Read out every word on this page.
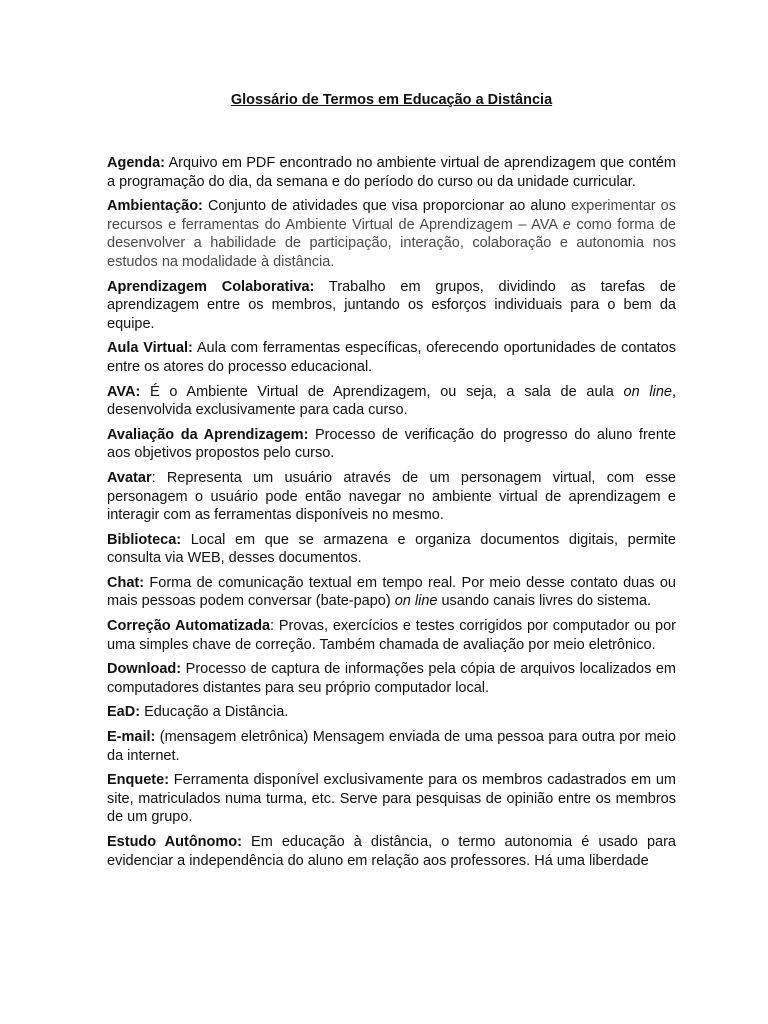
Glossário de Termos em Educação a Distância

Agenda: Arquivo em PDF encontrado no ambiente virtual de aprendizagem que contém a programação do dia, da semana e do período do curso ou da unidade curricular.

Ambientação: Conjunto de atividades que visa proporcionar ao aluno experimentar os recursos e ferramentas do Ambiente Virtual de Aprendizagem – AVA e como forma de desenvolver a habilidade de participação, interação, colaboração e autonomia nos estudos na modalidade à distância.

Aprendizagem Colaborativa: Trabalho em grupos, dividindo as tarefas de aprendizagem entre os membros, juntando os esforços individuais para o bem da equipe.

Aula Virtual: Aula com ferramentas específicas, oferecendo oportunidades de contatos entre os atores do processo educacional.

AVA: É o Ambiente Virtual de Aprendizagem, ou seja, a sala de aula on line, desenvolvida exclusivamente para cada curso.

Avaliação da Aprendizagem: Processo de verificação do progresso do aluno frente aos objetivos propostos pelo curso.

Avatar: Representa um usuário através de um personagem virtual, com esse personagem o usuário pode então navegar no ambiente virtual de aprendizagem e interagir com as ferramentas disponíveis no mesmo.

Biblioteca: Local em que se armazena e organiza documentos digitais, permite consulta via WEB, desses documentos.

Chat: Forma de comunicação textual em tempo real. Por meio desse contato duas ou mais pessoas podem conversar (bate-papo) on line usando canais livres do sistema.

Correção Automatizada: Provas, exercícios e testes corrigidos por computador ou por uma simples chave de correção. Também chamada de avaliação por meio eletrônico.

Download: Processo de captura de informações pela cópia de arquivos localizados em computadores distantes para seu próprio computador local.

EaD: Educação a Distância.

E-mail: (mensagem eletrônica) Mensagem enviada de uma pessoa para outra por meio da internet.

Enquete: Ferramenta disponível exclusivamente para os membros cadastrados em um site, matriculados numa turma, etc. Serve para pesquisas de opinião entre os membros de um grupo.

Estudo Autônomo: Em educação à distância, o termo autonomia é usado para evidenciar a independência do aluno em relação aos professores. Há uma liberdade
